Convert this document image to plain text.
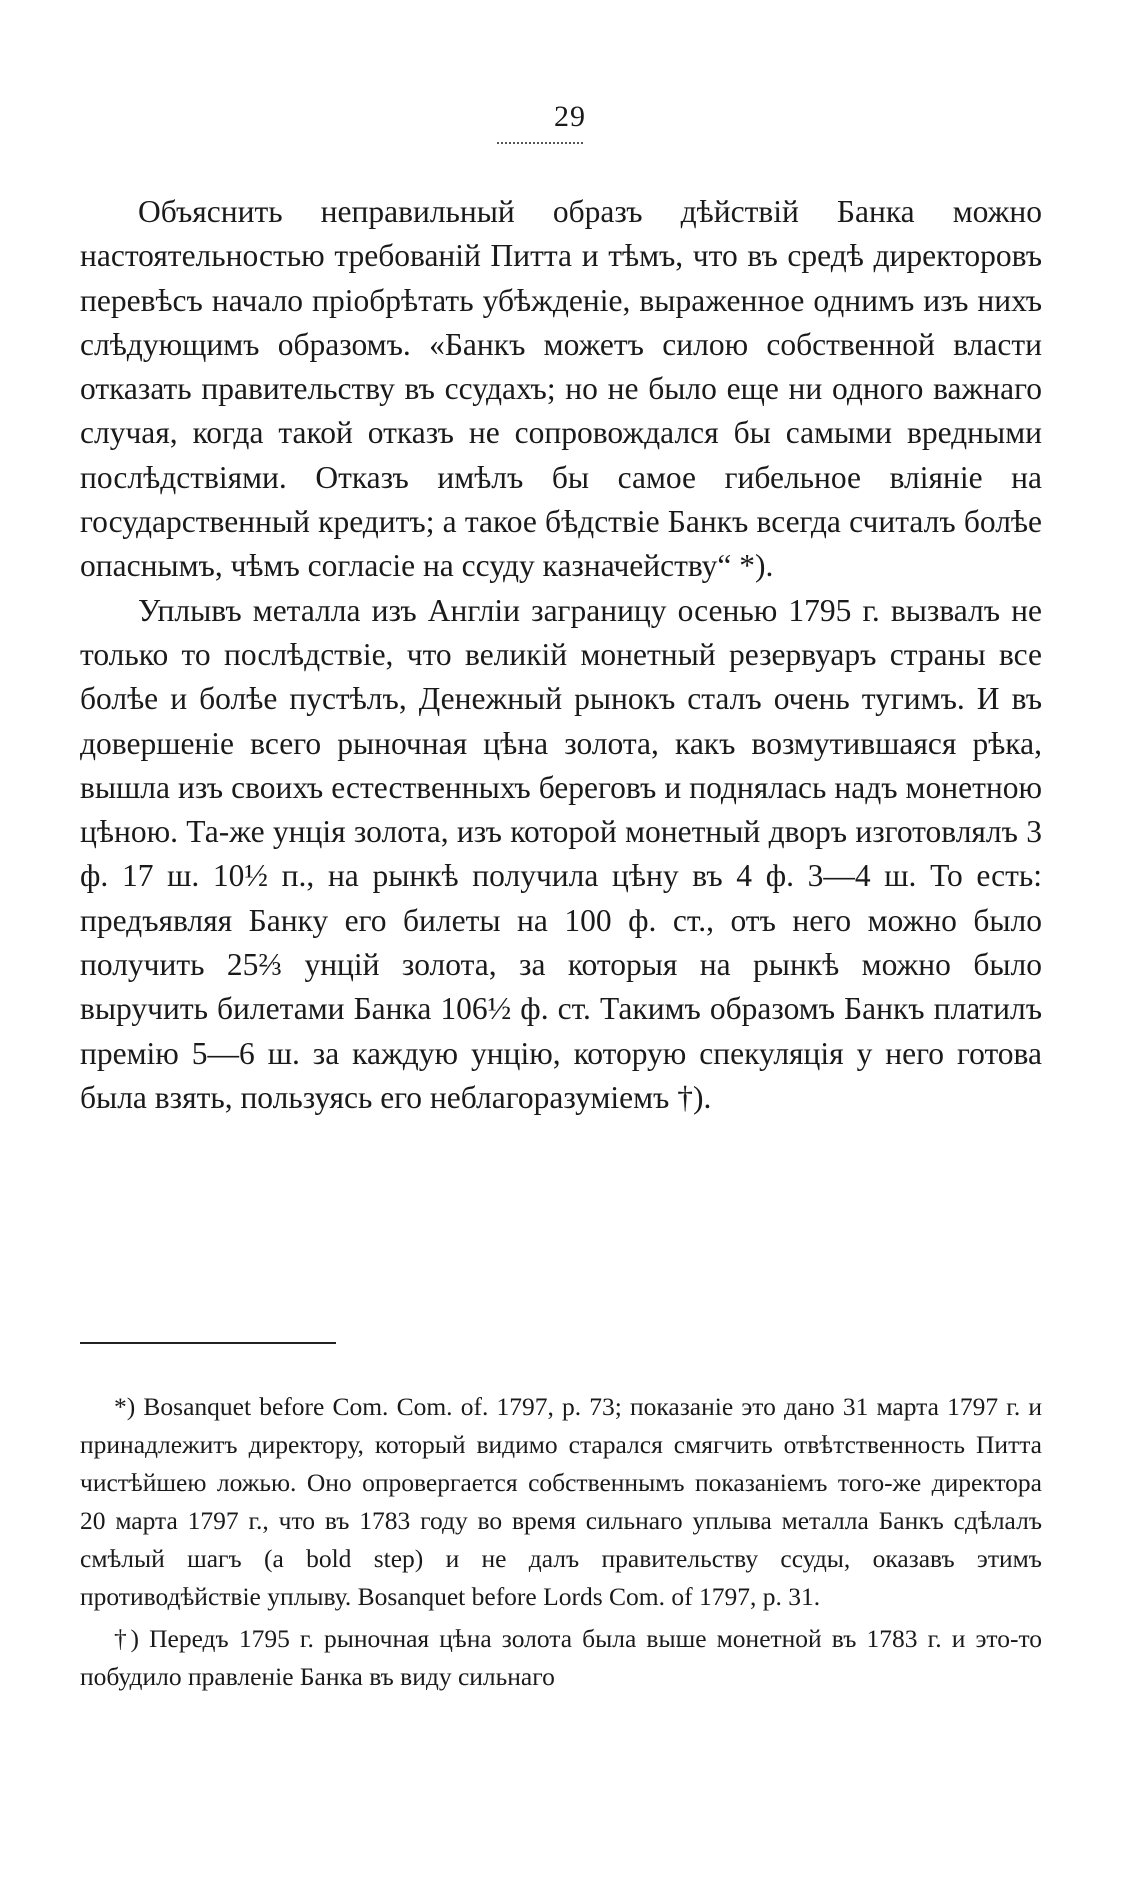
29

Объяснить неправильный образъ дѣйствій Банка можно настоятельностью требованій Питта и тѣмъ, что въ средѣ директоровъ перевѣсъ начало пріобрѣтать убѣжденіе, выраженное однимъ изъ нихъ слѣдующимъ образомъ. «Банкъ можетъ силою собственной власти отказать правительству въ ссудахъ; но не было еще ни одного важнаго случая, когда такой отказъ не сопровождался бы самыми вредными послѣдствіями. Отказъ имѣлъ бы самое гибельное вліяніе на государственный кредитъ; а такое бѣдствіе Банкъ всегда считалъ болѣе опаснымъ, чѣмъ согласіе на ссуду казначейству“ *).

Уплывъ металла изъ Англіи заграницу осенью 1795 г. вызвалъ не только то послѣдствіе, что великій монетный резервуаръ страны все болѣе и болѣе пустѣлъ, Денежный рынокъ сталъ очень тугимъ. И въ довершеніе всего рыночная цѣна золота, какъ возмутившаяся рѣка, вышла изъ своихъ естественныхъ береговъ и поднялась надъ монетною цѣною. Та-же унція золота, изъ которой монетный дворъ изготовлялъ 3 ф. 17 ш. 10½ п., на рынкѣ получила цѣну въ 4 ф. 3—4 ш. То есть: предъявляя Банку его билеты на 100 ф. ст., отъ него можно было получить 25⅔ унцій золота, за которыя на рынкѣ можно было выручить билетами Банка 106½ ф. ст. Такимъ образомъ Банкъ платилъ премію 5—6 ш. за каждую унцію, которую спекуляція у него готова была взять, пользуясь его неблагоразуміемъ †).

*) Bosanquet before Com. Com. of. 1797, p. 73; показаніе это дано 31 марта 1797 г. и принадлежитъ директору, который видимо старался смягчить отвѣтственность Питта чистѣйшею ложью. Оно опровергается собственнымъ показаніемъ того-же директора 20 марта 1797 г., что въ 1783 году во время сильнаго уплыва металла Банкъ сдѣлалъ смѣлый шагъ (a bold step) и не далъ правительству ссуды, оказавъ этимъ противодѣйствіе уплыву. Bosanquet before Lords Com. of 1797, p. 31.

†) Передъ 1795 г. рыночная цѣна золота была выше монетной въ 1783 г. и это-то побудило правленіе Банка въ виду сильнаго
